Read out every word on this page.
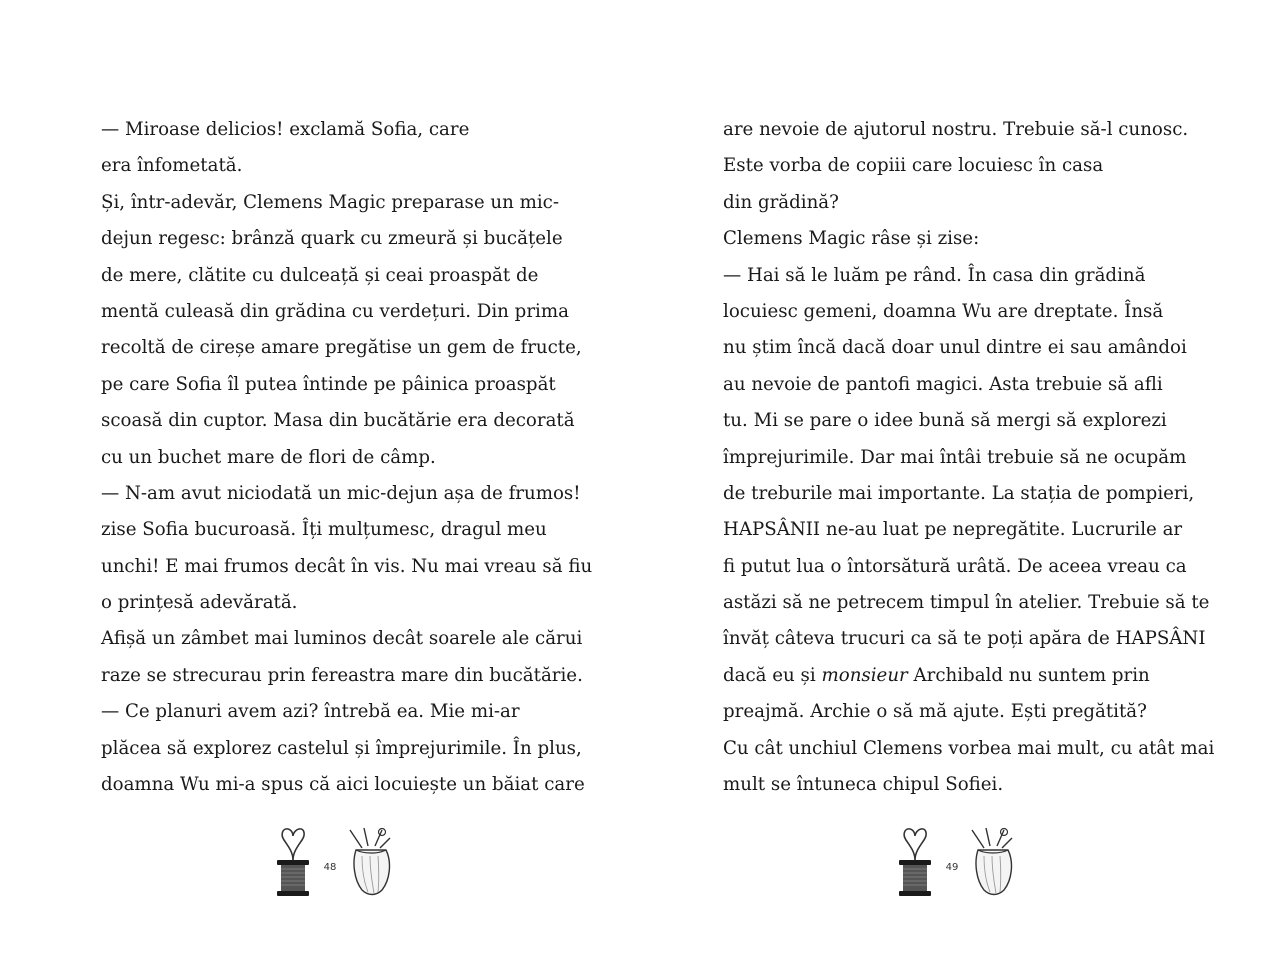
— Miroase delicios! exclamă Sofia, care
era înfometată.
Și, într-adevăr, Clemens Magic preparase un mic-
dejun regesc: brânză quark cu zmeură și bucățele
de mere, clătite cu dulceață și ceai proaspăt de
mentă culeasă din grădina cu verdețuri. Din prima
recoltă de cireșe amare pregătise un gem de fructe,
pe care Sofia îl putea întinde pe pâinica proaspăt
scoasă din cuptor. Masa din bucătărie era decorată
cu un buchet mare de flori de câmp.
— N-am avut niciodată un mic-dejun așa de frumos!
zise Sofia bucuroasă. Îți mulțumesc, dragul meu
unchi! E mai frumos decât în vis. Nu mai vreau să fiu
o prințesă adevărată.
Afișă un zâmbet mai luminos decât soarele ale cărui
raze se strecurau prin fereastra mare din bucătărie.
— Ce planuri avem azi? întrebă ea. Mie mi-ar
plăcea să explorez castelul și împrejurimile. În plus,
doamna Wu mi-a spus că aici locuiește un băiat care
48
are nevoie de ajutorul nostru. Trebuie să-l cunosc.
Este vorba de copiii care locuiesc în casa
din grădină?
Clemens Magic râse și zise:
— Hai să le luăm pe rând. În casa din grădină
locuiesc gemeni, doamna Wu are dreptate. Însă
nu știm încă dacă doar unul dintre ei sau amândoi
au nevoie de pantofi magici. Asta trebuie să afli
tu. Mi se pare o idee bună să mergi să explorezi
împrejurimile. Dar mai întâi trebuie să ne ocupăm
de treburile mai importante. La stația de pompieri,
HAPSÂNII ne-au luat pe nepregătite. Lucrurile ar
fi putut lua o întorsătură urâtă. De aceea vreau ca
astăzi să ne petrecem timpul în atelier. Trebuie să te
învăț câteva trucuri ca să te poți apăra de HAPSÂNI
dacă eu și monsieur Archibald nu suntem prin
preajmă. Archie o să mă ajute. Ești pregătită?
Cu cât unchiul Clemens vorbea mai mult, cu atât mai
mult se întuneca chipul Sofiei.
49
